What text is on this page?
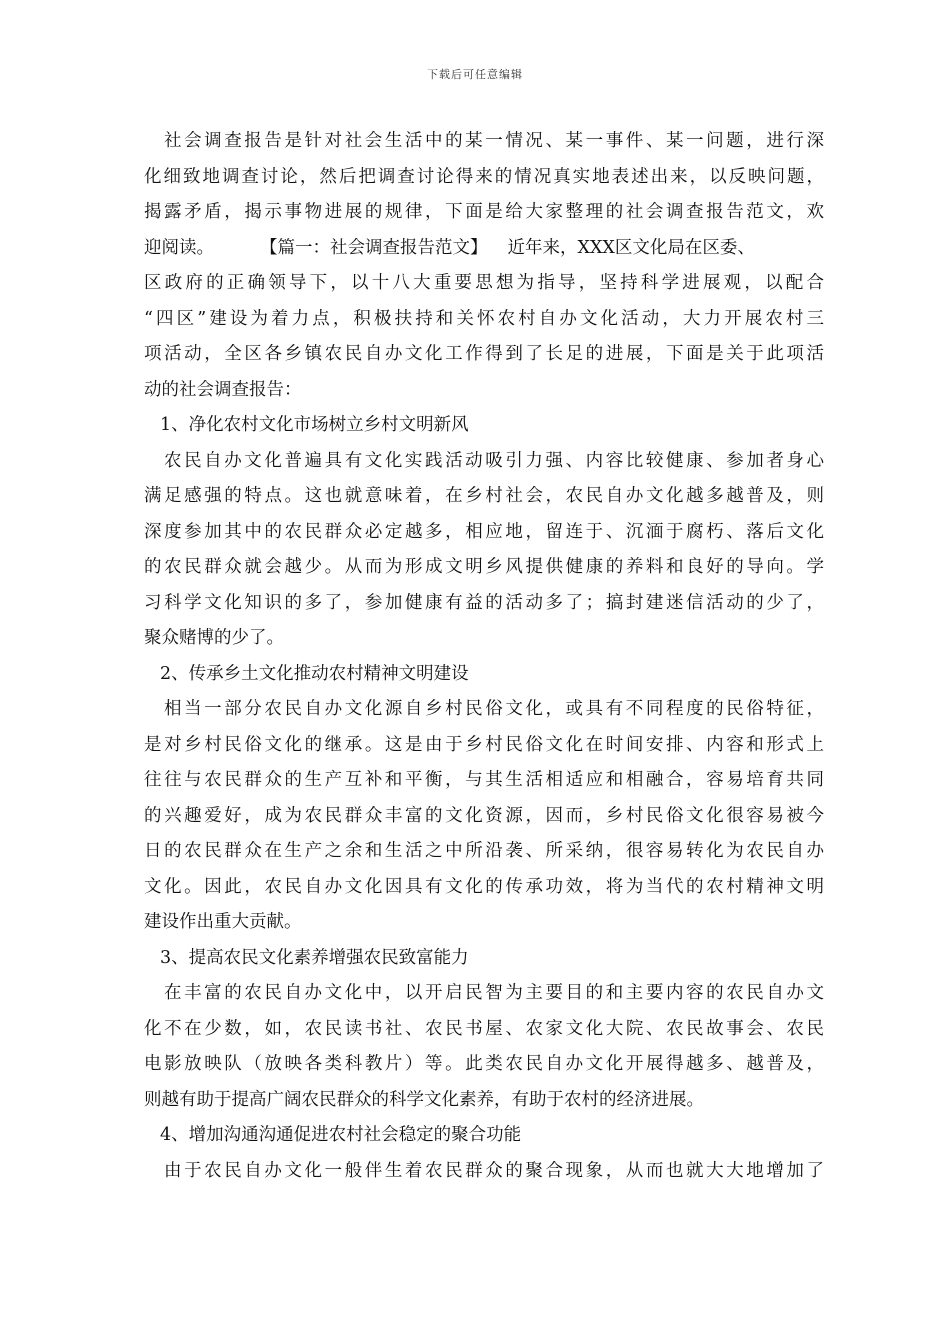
下载后可任意编辑
社会调查报告是针对社会生活中的某一情况、某一事件、某一问题，进行深
化细致地调查讨论，然后把调查讨论得来的情况真实地表述出来，以反映问题，
揭露矛盾，揭示事物进展的规律，下面是给大家整理的社会调查报告范文，欢
迎阅读。	【篇一：社会调查报告范文】 近年来，XXX区文化局在区委、
区政府的正确领导下，以十八大重要思想为指导，坚持科学进展观，以配合
“四区”建设为着力点，积极扶持和关怀农村自办文化活动，大力开展农村三
项活动，全区各乡镇农民自办文化工作得到了长足的进展，下面是关于此项活
动的社会调查报告：
1、净化农村文化市场树立乡村文明新风
农民自办文化普遍具有文化实践活动吸引力强、内容比较健康、参加者身心
满足感强的特点。这也就意味着，在乡村社会，农民自办文化越多越普及，则
深度参加其中的农民群众必定越多，相应地，留连于、沉湎于腐朽、落后文化
的农民群众就会越少。从而为形成文明乡风提供健康的养料和良好的导向。学
习科学文化知识的多了，参加健康有益的活动多了；搞封建迷信活动的少了，
聚众赌博的少了。
2、传承乡土文化推动农村精神文明建设
相当一部分农民自办文化源自乡村民俗文化，或具有不同程度的民俗特征，
是对乡村民俗文化的继承。这是由于乡村民俗文化在时间安排、内容和形式上
往往与农民群众的生产互补和平衡，与其生活相适应和相融合，容易培育共同
的兴趣爱好，成为农民群众丰富的文化资源，因而，乡村民俗文化很容易被今
日的农民群众在生产之余和生活之中所沿袭、所采纳，很容易转化为农民自办
文化。因此，农民自办文化因具有文化的传承功效，将为当代的农村精神文明
建设作出重大贡献。
3、提高农民文化素养增强农民致富能力
在丰富的农民自办文化中，以开启民智为主要目的和主要内容的农民自办文
化不在少数，如，农民读书社、农民书屋、农家文化大院、农民故事会、农民
电影放映队（放映各类科教片）等。此类农民自办文化开展得越多、越普及，
则越有助于提高广阔农民群众的科学文化素养，有助于农村的经济进展。
4、增加沟通沟通促进农村社会稳定的聚合功能
由于农民自办文化一般伴生着农民群众的聚合现象，从而也就大大地增加了
